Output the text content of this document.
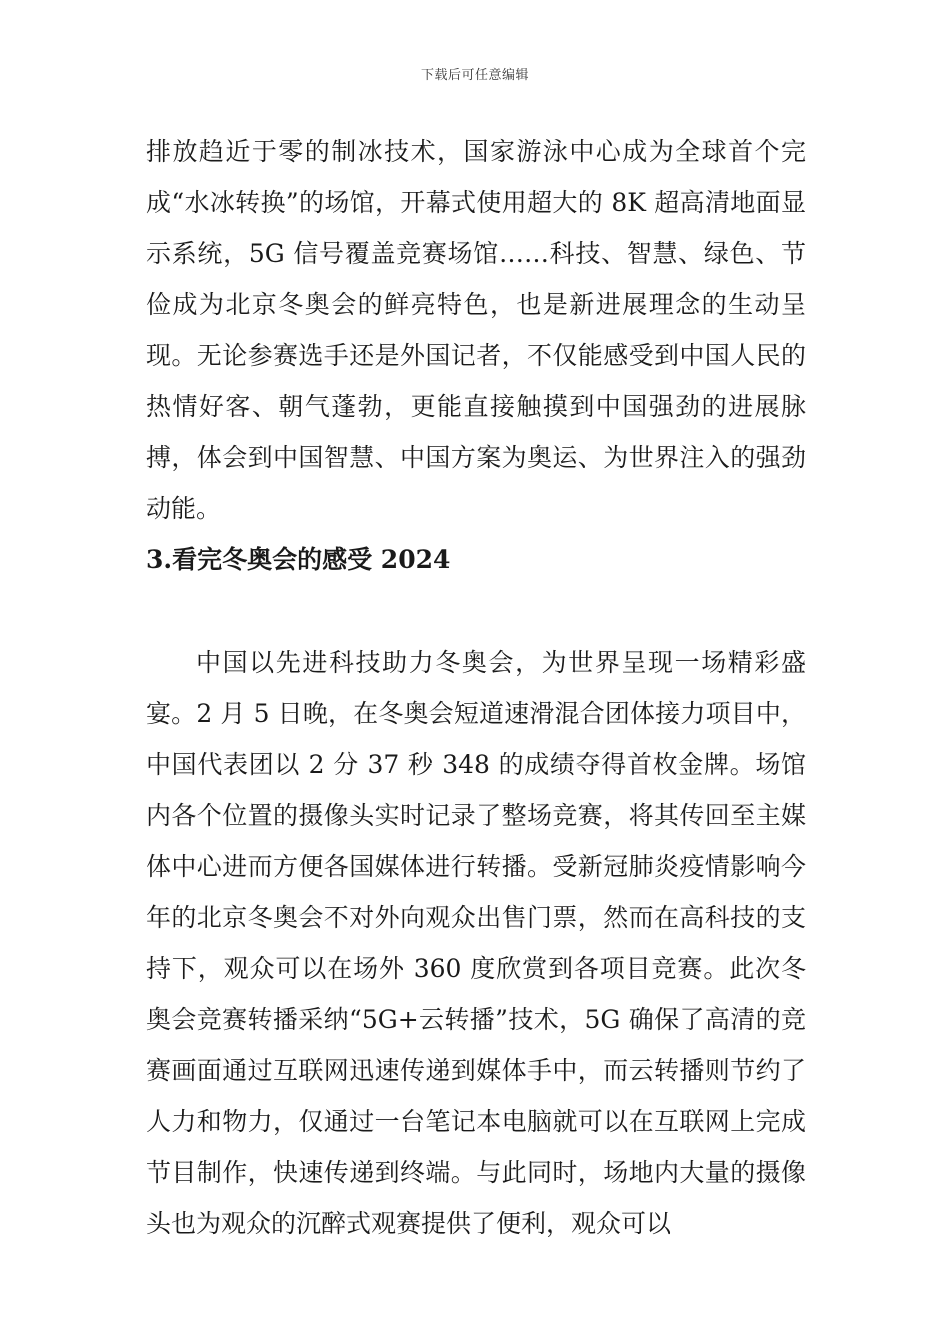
下载后可任意编辑

排放趋近于零的制冰技术，国家游泳中心成为全球首个完成“水冰转换”的场馆，开幕式使用超大的 8K 超高清地面显示系统，5G 信号覆盖竞赛场馆……科技、智慧、绿色、节俭成为北京冬奥会的鲜亮特色，也是新进展理念的生动呈现。无论参赛选手还是外国记者，不仅能感受到中国人民的热情好客、朝气蓬勃，更能直接触摸到中国强劲的进展脉搏，体会到中国智慧、中国方案为奥运、为世界注入的强劲动能。

3.看完冬奥会的感受 2024

中国以先进科技助力冬奥会，为世界呈现一场精彩盛宴。2 月 5 日晚，在冬奥会短道速滑混合团体接力项目中，中国代表团以 2 分 37 秒 348 的成绩夺得首枚金牌。场馆内各个位置的摄像头实时记录了整场竞赛，将其传回至主媒体中心进而方便各国媒体进行转播。受新冠肺炎疫情影响今年的北京冬奥会不对外向观众出售门票，然而在高科技的支持下，观众可以在场外 360 度欣赏到各项目竞赛。此次冬奥会竞赛转播采纳“5G+云转播”技术，5G 确保了高清的竞赛画面通过互联网迅速传递到媒体手中，而云转播则节约了人力和物力，仅通过一台笔记本电脑就可以在互联网上完成节目制作，快速传递到终端。与此同时，场地内大量的摄像头也为观众的沉醉式观赛提供了便利，观众可以
